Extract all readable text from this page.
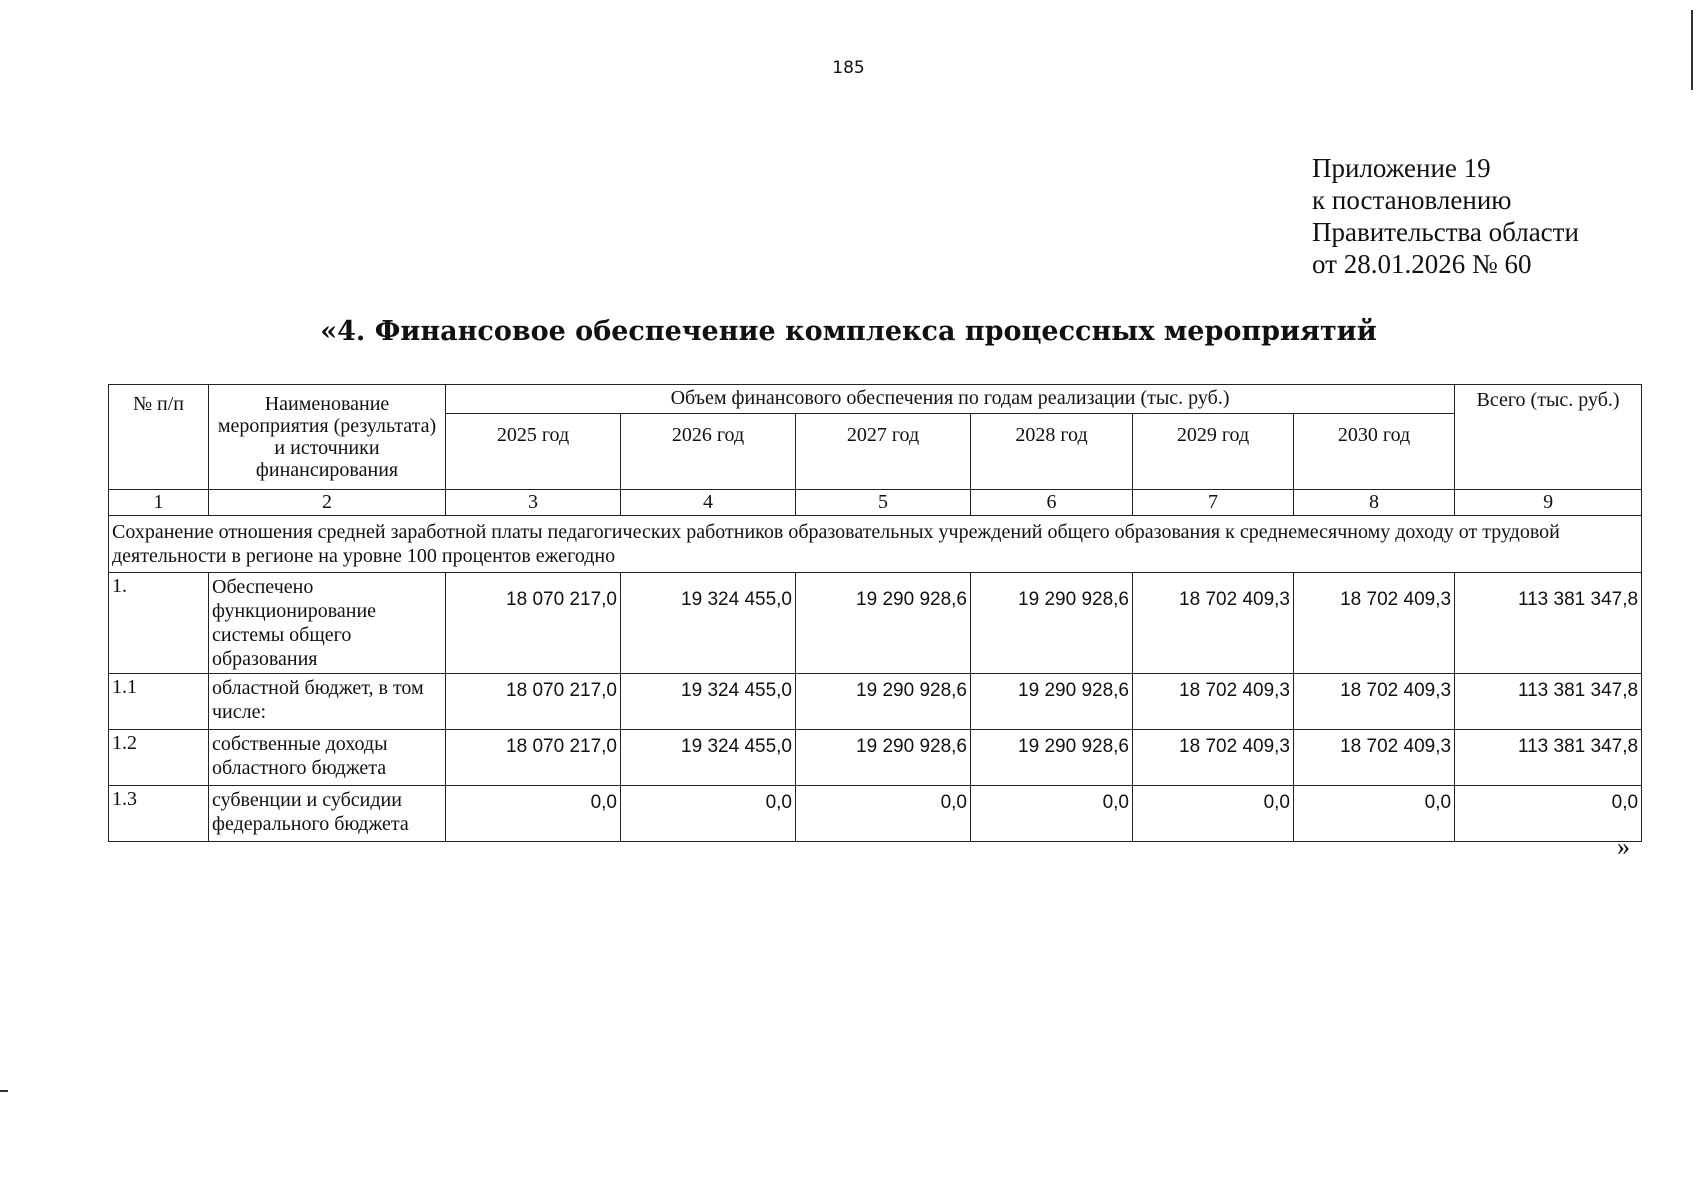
185
Приложение 19
к постановлению
Правительства области
от 28.01.2026 № 60
«4. Финансовое обеспечение комплекса процессных мероприятий
№ п/п	Наименование мероприятия (результата) и источники финансирования	Объем финансового обеспечения по годам реализации (тыс. руб.)						Всего (тыс. руб.)
		2025 год	2026 год	2027 год	2028 год	2029 год	2030 год	
1	2	3	4	5	6	7	8	9
Сохранение отношения средней заработной платы педагогических работников образовательных учреждений общего образования к среднемесячному доходу от трудовой деятельности в регионе на уровне 100 процентов ежегодно								
1.	Обеспечено функционирование системы общего образования	18 070 217,0	19 324 455,0	19 290 928,6	19 290 928,6	18 702 409,3	18 702 409,3	113 381 347,8
1.1	областной бюджет, в том числе:	18 070 217,0	19 324 455,0	19 290 928,6	19 290 928,6	18 702 409,3	18 702 409,3	113 381 347,8
1.2	собственные доходы областного бюджета	18 070 217,0	19 324 455,0	19 290 928,6	19 290 928,6	18 702 409,3	18 702 409,3	113 381 347,8
1.3	субвенции и субсидии федерального бюджета	0,0	0,0	0,0	0,0	0,0	0,0	0,0
»
